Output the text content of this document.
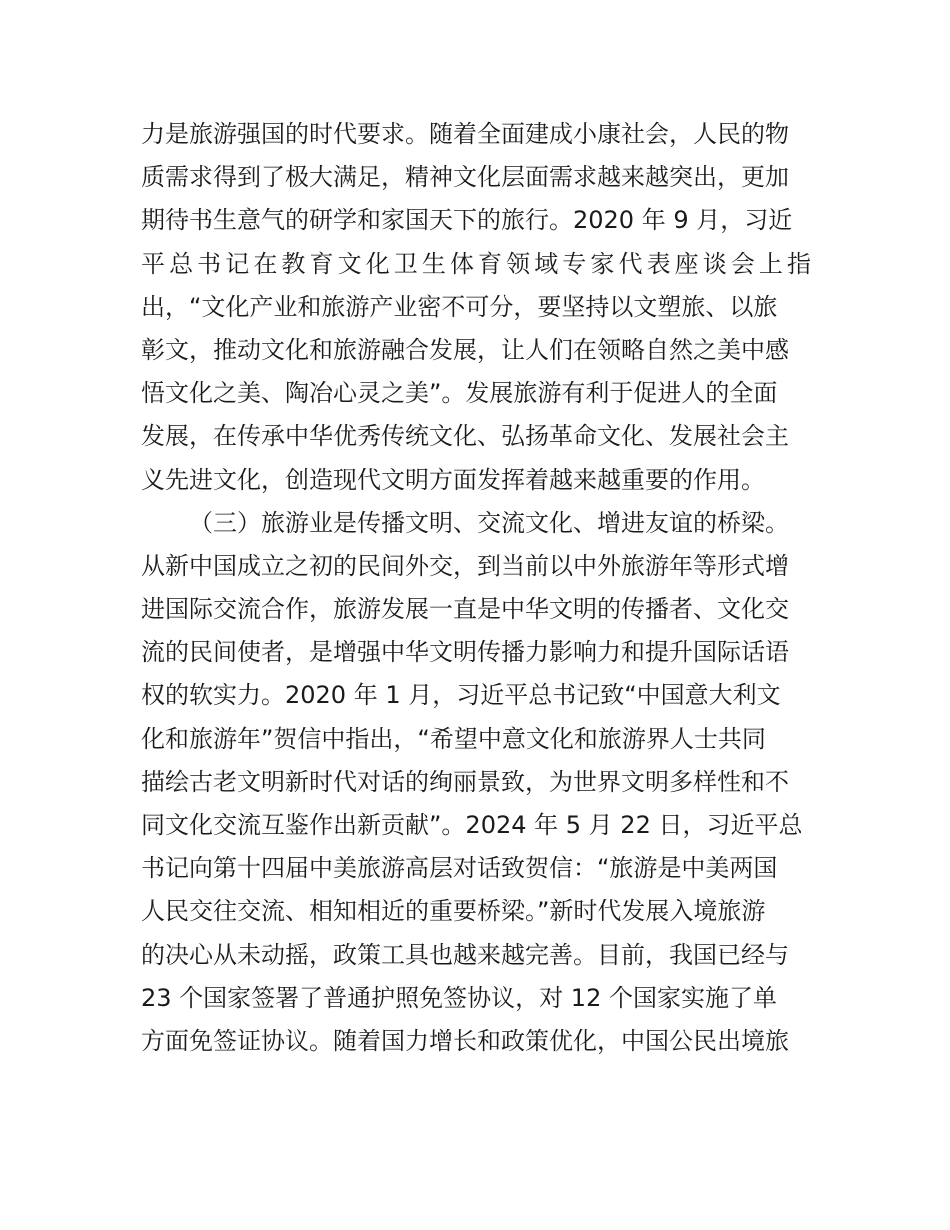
力是旅游强国的时代要求。随着全面建成小康社会，人民的物
质需求得到了极大满足，精神文化层面需求越来越突出，更加
期待书生意气的研学和家国天下的旅行。2020 年 9 月，习近
平总书记在教育文化卫生体育领域专家代表座谈会上指
出，“文化产业和旅游产业密不可分，要坚持以文塑旅、以旅
彰文，推动文化和旅游融合发展，让人们在领略自然之美中感
悟文化之美、陶冶心灵之美”。发展旅游有利于促进人的全面
发展，在传承中华优秀传统文化、弘扬革命文化、发展社会主
义先进文化，创造现代文明方面发挥着越来越重要的作用。
（三）旅游业是传播文明、交流文化、增进友谊的桥梁。
从新中国成立之初的民间外交，到当前以中外旅游年等形式增
进国际交流合作，旅游发展一直是中华文明的传播者、文化交
流的民间使者，是增强中华文明传播力影响力和提升国际话语
权的软实力。2020 年 1 月，习近平总书记致“中国意大利文
化和旅游年”贺信中指出，“希望中意文化和旅游界人士共同
描绘古老文明新时代对话的绚丽景致，为世界文明多样性和不
同文化交流互鉴作出新贡献”。2024 年 5 月 22 日，习近平总
书记向第十四届中美旅游高层对话致贺信：“旅游是中美两国
人民交往交流、相知相近的重要桥梁。”新时代发展入境旅游
的决心从未动摇，政策工具也越来越完善。目前，我国已经与
23 个国家签署了普通护照免签协议，对 12 个国家实施了单
方面免签证协议。随着国力增长和政策优化，中国公民出境旅
